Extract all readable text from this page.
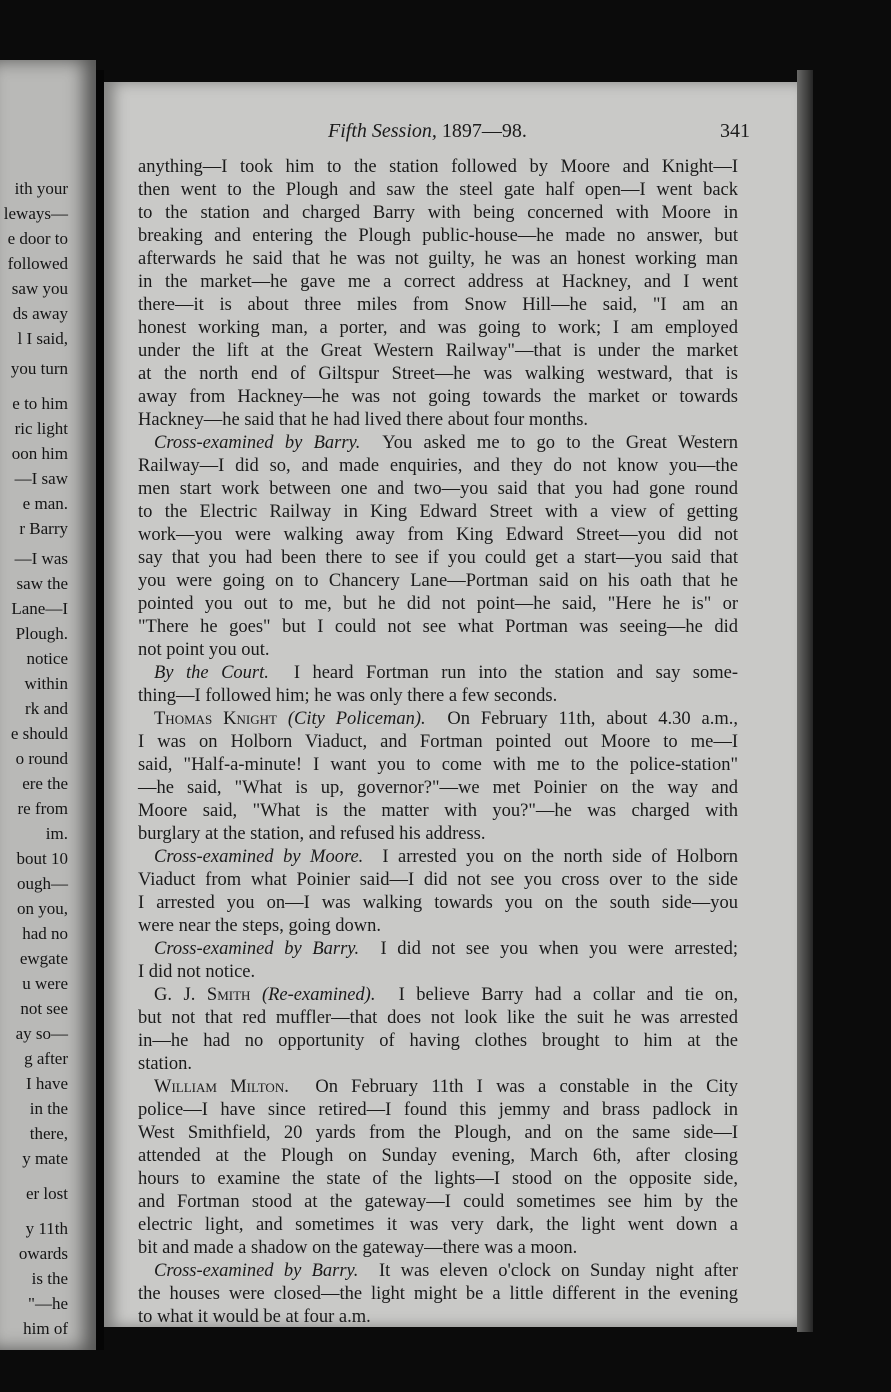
ith your
leways—
e door to
followed
saw you
ds away
l I said,
you turn
e to him
ric light
oon him
—I saw
e man.
r Barry
—I was
saw the
Lane—I
Plough.
notice
within
rk and
e should
o round
ere the
re from
im.
bout 10
ough—
on you,
had no
ewgate
u were
not see
ay so—
g after
I have
in the
there,
y mate
er lost
y 11th
owards
is the
"—he
him of
Fifth Session, 1897—98.	341
anything—I took him to the station followed by Moore and Knight—I
then went to the Plough and saw the steel gate half open—I went back
to the station and charged Barry with being concerned with Moore in
breaking and entering the Plough public-house—he made no answer, but
afterwards he said that he was not guilty, he was an honest working man
in the market—he gave me a correct address at Hackney, and I went
there—it is about three miles from Snow Hill—he said, "I am an
honest working man, a porter, and was going to work; I am employed
under the lift at the Great Western Railway"—that is under the market
at the north end of Giltspur Street—he was walking westward, that is
away from Hackney—he was not going towards the market or towards
Hackney—he said that he had lived there about four months.
Cross-examined by Barry. You asked me to go to the Great Western
Railway—I did so, and made enquiries, and they do not know you—the
men start work between one and two—you said that you had gone round
to the Electric Railway in King Edward Street with a view of getting
work—you were walking away from King Edward Street—you did not
say that you had been there to see if you could get a start—you said that
you were going on to Chancery Lane—Portman said on his oath that he
pointed you out to me, but he did not point—he said, "Here he is" or
"There he goes" but I could not see what Portman was seeing—he did
not point you out.
By the Court. I heard Fortman run into the station and say some-
thing—I followed him; he was only there a few seconds.
Thomas Knight (City Policeman). On February 11th, about 4.30 a.m.,
I was on Holborn Viaduct, and Fortman pointed out Moore to me—I
said, "Half-a-minute! I want you to come with me to the police-station"
—he said, "What is up, governor?"—we met Poinier on the way and
Moore said, "What is the matter with you?"—he was charged with
burglary at the station, and refused his address.
Cross-examined by Moore. I arrested you on the north side of Holborn
Viaduct from what Poinier said—I did not see you cross over to the side
I arrested you on—I was walking towards you on the south side—you
were near the steps, going down.
Cross-examined by Barry. I did not see you when you were arrested;
I did not notice.
G. J. Smith (Re-examined). I believe Barry had a collar and tie on,
but not that red muffler—that does not look like the suit he was arrested
in—he had no opportunity of having clothes brought to him at the
station.
William Milton. On February 11th I was a constable in the City
police—I have since retired—I found this jemmy and brass padlock in
West Smithfield, 20 yards from the Plough, and on the same side—I
attended at the Plough on Sunday evening, March 6th, after closing
hours to examine the state of the lights—I stood on the opposite side,
and Fortman stood at the gateway—I could sometimes see him by the
electric light, and sometimes it was very dark, the light went down a
bit and made a shadow on the gateway—there was a moon.
Cross-examined by Barry. It was eleven o'clock on Sunday night after
the houses were closed—the light might be a little different in the evening
to what it would be at four a.m.
